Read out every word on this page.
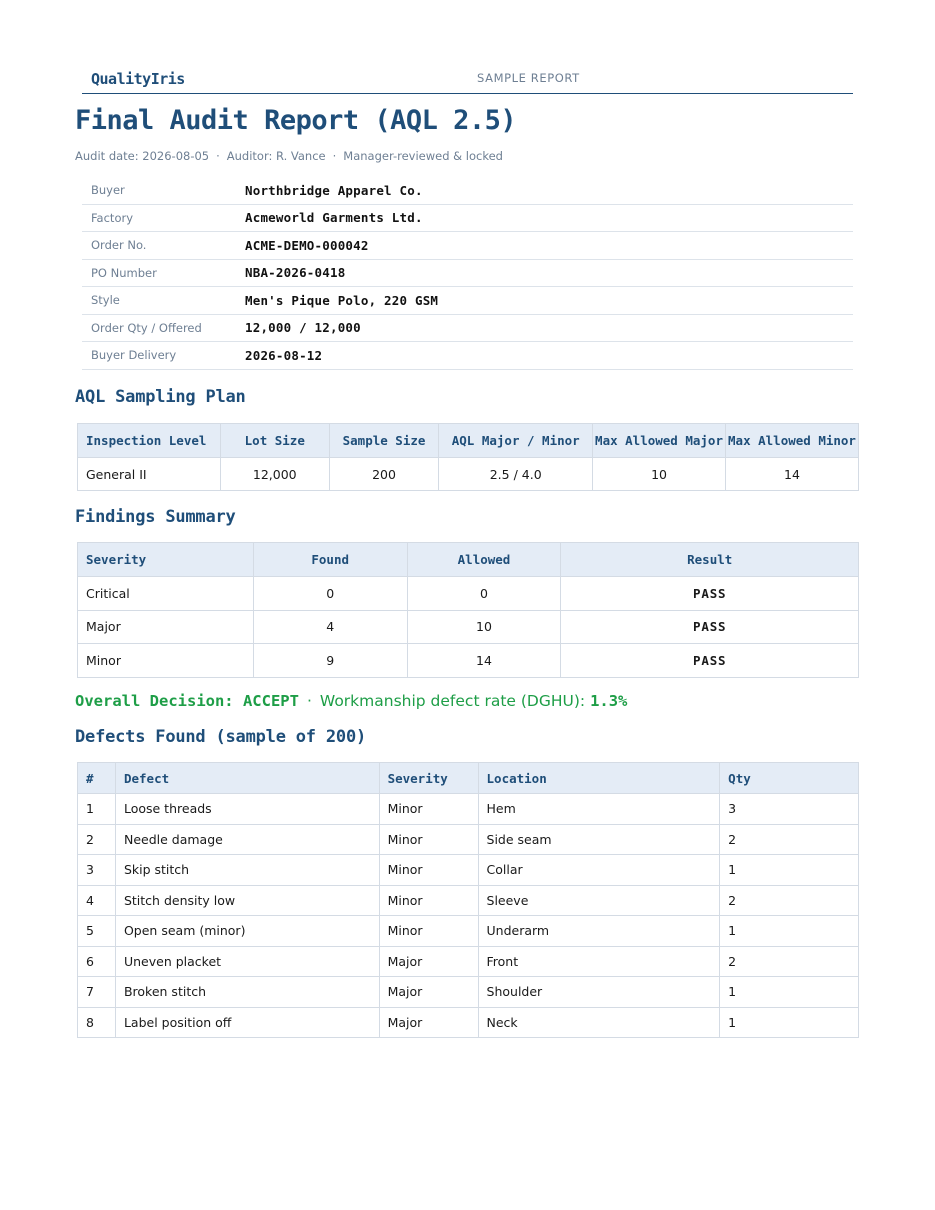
QualityIris	SAMPLE REPORT
Final Audit Report (AQL 2.5)
Audit date: 2026-08-05 · Auditor: R. Vance · Manager-reviewed & locked
Buyer	Northbridge Apparel Co.
Factory	Acmeworld Garments Ltd.
Order No.	ACME-DEMO-000042
PO Number	NBA-2026-0418
Style	Men's Pique Polo, 220 GSM
Order Qty / Offered	12,000 / 12,000
Buyer Delivery	2026-08-12
AQL Sampling Plan
Inspection Level	Lot Size	Sample Size	AQL Major / Minor	Max Allowed Major	Max Allowed Minor
General II	12,000	200	2.5 / 4.0	10	14
Findings Summary
Severity	Found	Allowed	Result
Critical	0	0	PASS
Major	4	10	PASS
Minor	9	14	PASS
Overall Decision: ACCEPT · Workmanship defect rate (DGHU): 1.3%
Defects Found (sample of 200)
#	Defect	Severity	Location	Qty
1	Loose threads	Minor	Hem	3
2	Needle damage	Minor	Side seam	2
3	Skip stitch	Minor	Collar	1
4	Stitch density low	Minor	Sleeve	2
5	Open seam (minor)	Minor	Underarm	1
6	Uneven placket	Major	Front	2
7	Broken stitch	Major	Shoulder	1
8	Label position off	Major	Neck	1
